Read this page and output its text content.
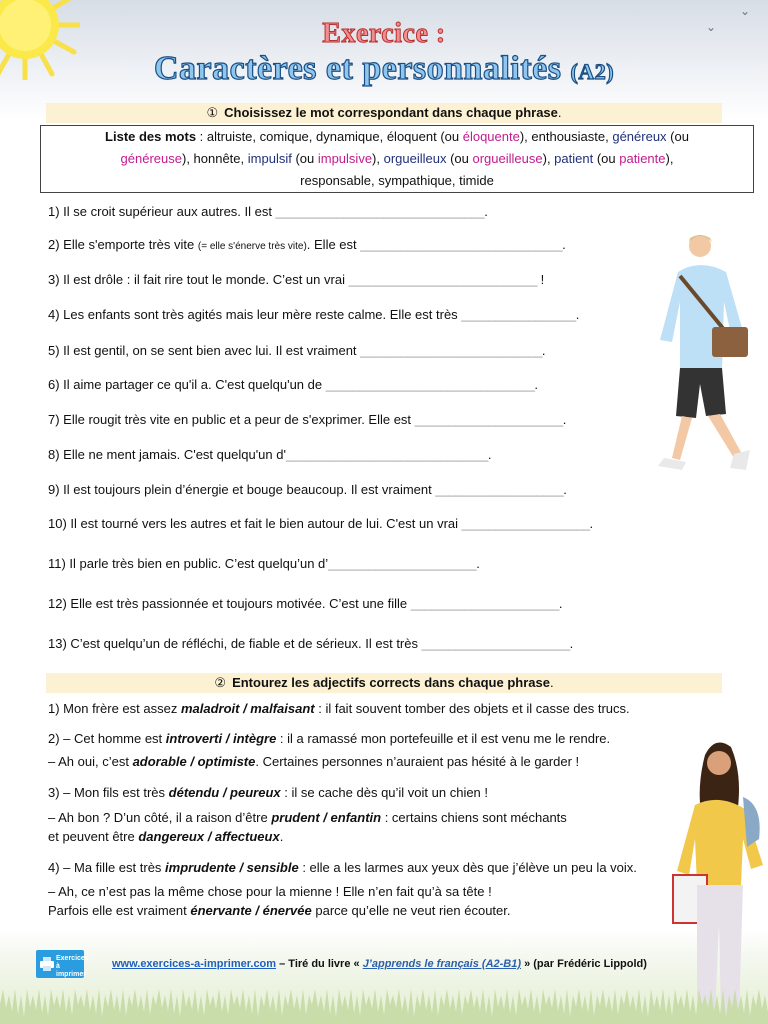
⌄
⌄
Exercice :
Caractères et personnalités (A2)
① Choisissez le mot correspondant dans chaque phrase.
Liste des mots : altruiste, comique, dynamique, éloquent (ou éloquente), enthousiaste, généreux (ou
généreuse), honnête, impulsif (ou impulsive), orgueilleux (ou orgueilleuse), patient (ou patiente),
responsable, sympathique, timide
1) Il se croit supérieur aux autres. Il est _______________________________.
2) Elle s'emporte très vite (= elle s'énerve très vite). Elle est ______________________________.
3) Il est drôle : il fait rire tout le monde. C’est un vrai ____________________________ !
4) Les enfants sont très agités mais leur mère reste calme. Elle est très _________________.
5) Il est gentil, on se sent bien avec lui. Il est vraiment ___________________________.
6) Il aime partager ce qu'il a. C'est quelqu'un de _______________________________.
7) Elle rougit très vite en public et a peur de s'exprimer. Elle est ______________________.
8) Elle ne ment jamais. C'est quelqu'un d'______________________________.
9) Il est toujours plein d’énergie et bouge beaucoup. Il est vraiment ___________________.
10) Il est tourné vers les autres et fait le bien autour de lui. C'est un vrai ___________________.
11) Il parle très bien en public. C’est quelqu’un d’______________________.
12) Elle est très passionnée et toujours motivée. C’est une fille ______________________.
13) C’est quelqu’un de réfléchi, de fiable et de sérieux. Il est très ______________________.
② Entourez les adjectifs corrects dans chaque phrase.
1) Mon frère est assez maladroit / malfaisant : il fait souvent tomber des objets et il casse des trucs.
2) – Cet homme est introverti / intègre : il a ramassé mon portefeuille et il est venu me le rendre.
– Ah oui, c’est adorable / optimiste. Certaines personnes n’auraient pas hésité à le garder !
3) – Mon fils est très détendu / peureux : il se cache dès qu’il voit un chien !
– Ah bon ? D’un côté, il a raison d’être prudent / enfantin : certains chiens sont méchants
et peuvent être dangereux / affectueux.
4) – Ma fille est très imprudente / sensible : elle a les larmes aux yeux dès que j’élève un peu la voix.
– Ah, ce n’est pas la même chose pour la mienne ! Elle n’en fait qu’à sa tête !
Parfois elle est vraiment énervante / énervée parce qu’elle ne veut rien écouter.
Exercices
à imprimer
www.exercices-a-imprimer.com – Tiré du livre « J’apprends le français (A2-B1) » (par Frédéric Lippold)
